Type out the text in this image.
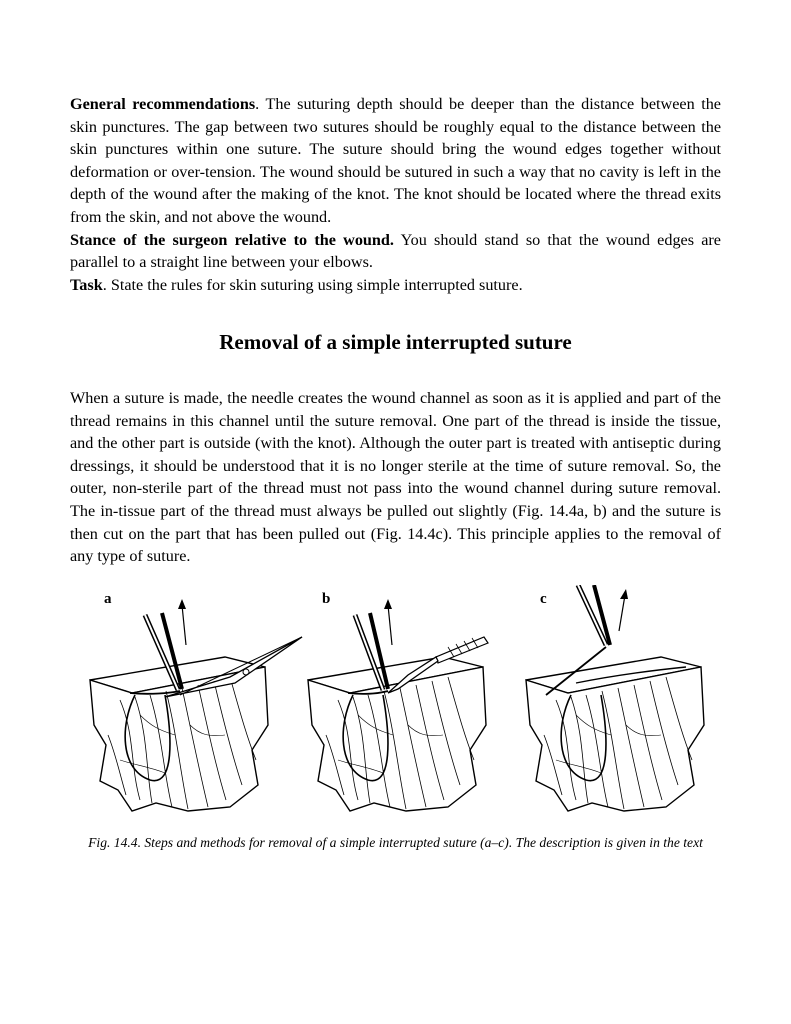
General recommendations. The suturing depth should be deeper than the distance between the skin punctures. The gap between two sutures should be roughly equal to the distance between the skin punctures within one suture. The suture should bring the wound edges together without deformation or over-tension. The wound should be sutured in such a way that no cavity is left in the depth of the wound after the making of the knot. The knot should be located where the thread exits from the skin, and not above the wound.

Stance of the surgeon relative to the wound. You should stand so that the wound edges are parallel to a straight line between your elbows.

Task. State the rules for skin suturing using simple interrupted suture.

Removal of a simple interrupted suture

When a suture is made, the needle creates the wound channel as soon as it is applied and part of the thread remains in this channel until the suture removal. One part of the thread is inside the tissue, and the other part is outside (with the knot). Although the outer part is treated with antiseptic during dressings, it should be understood that it is no longer sterile at the time of suture removal. So, the outer, non-sterile part of the thread must not pass into the wound channel during suture removal. The in-tissue part of the thread must always be pulled out slightly (Fig. 14.4a, b) and the suture is then cut on the part that has been pulled out (Fig. 14.4c). This principle applies to the removal of any type of suture.

a	b	c

Fig. 14.4. Steps and methods for removal of a simple interrupted suture (a–c). The description is given in the text
